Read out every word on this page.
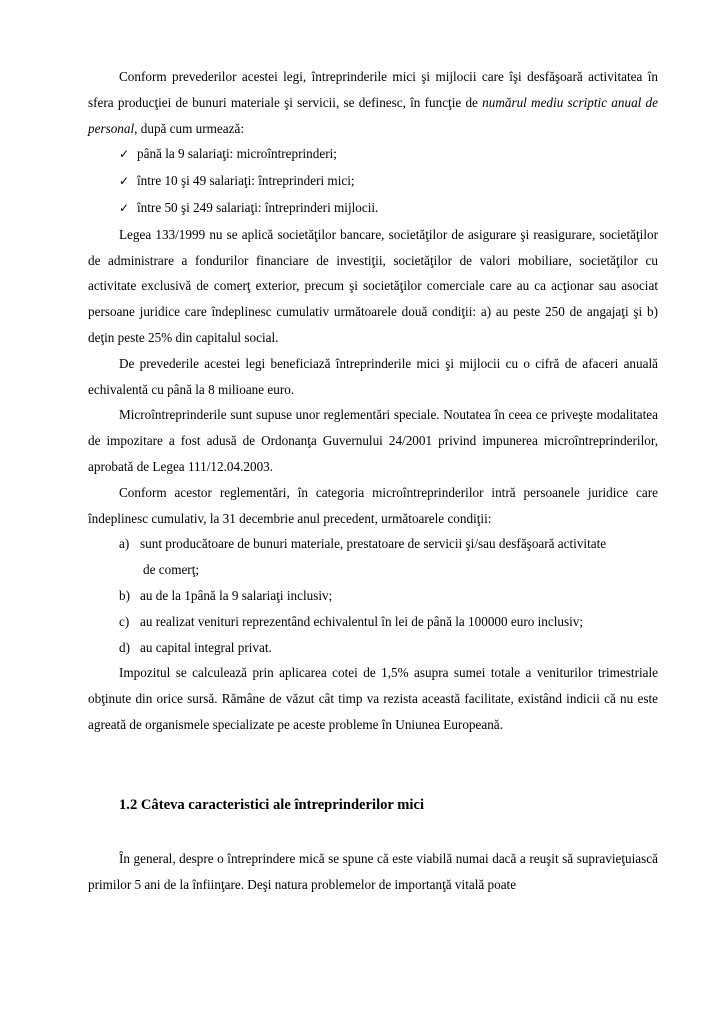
Conform prevederilor acestei legi, întreprinderile mici şi mijlocii care îşi desfăşoară activitatea în sfera producţiei de bunuri materiale şi servicii, se definesc, în funcţie de numărul mediu scriptic anual de personal, după cum urmează:

✓ până la 9 salariaţi: microîntreprinderi;
✓ între 10 şi 49 salariaţi: întreprinderi mici;
✓ între 50 şi 249 salariaţi: întreprinderi mijlocii.

Legea 133/1999 nu se aplică societăţilor bancare, societăţilor de asigurare şi reasigurare, societăţilor de administrare a fondurilor financiare de investiţii, societăţilor de valori mobiliare, societăţilor cu activitate exclusivă de comerţ exterior, precum şi societăţilor comerciale care au ca acţionar sau asociat persoane juridice care îndeplinesc cumulativ următoarele două condiţii: a) au peste 250 de angajaţi şi b) deţin peste 25% din capitalul social.

De prevederile acestei legi beneficiază întreprinderile mici şi mijlocii cu o cifră de afaceri anuală echivalentă cu până la 8 milioane euro.

Microîntreprinderile sunt supuse unor reglementări speciale. Noutatea în ceea ce priveşte modalitatea de impozitare a fost adusă de Ordonanţa Guvernului 24/2001 privind impunerea microîntreprinderilor, aprobată de Legea 111/12.04.2003.

Conform acestor reglementări, în categoria microîntreprinderilor intră persoanele juridice care îndeplinesc cumulativ, la 31 decembrie anul precedent, următoarele condiţii:

a) sunt producătoare de bunuri materiale, prestatoare de servicii şi/sau desfăşoară activitate
de comerţ;
b) au de la 1până la 9 salariaţi inclusiv;
c) au realizat venituri reprezentând echivalentul în lei de până la 100000 euro inclusiv;
d) au capital integral privat.

Impozitul se calculează prin aplicarea cotei de 1,5% asupra sumei totale a veniturilor trimestriale obţinute din orice sursă. Rămâne de văzut cât timp va rezista această facilitate, existând indicii că nu este agreată de organismele specializate pe aceste probleme în Uniunea Europeană.

1.2 Câteva caracteristici ale întreprinderilor mici

În general, despre o întreprindere mică se spune că este viabilă numai dacă a reuşit să supravieţuiască primilor 5 ani de la înfiinţare. Deşi natura problemelor de importanţă vitală poate
